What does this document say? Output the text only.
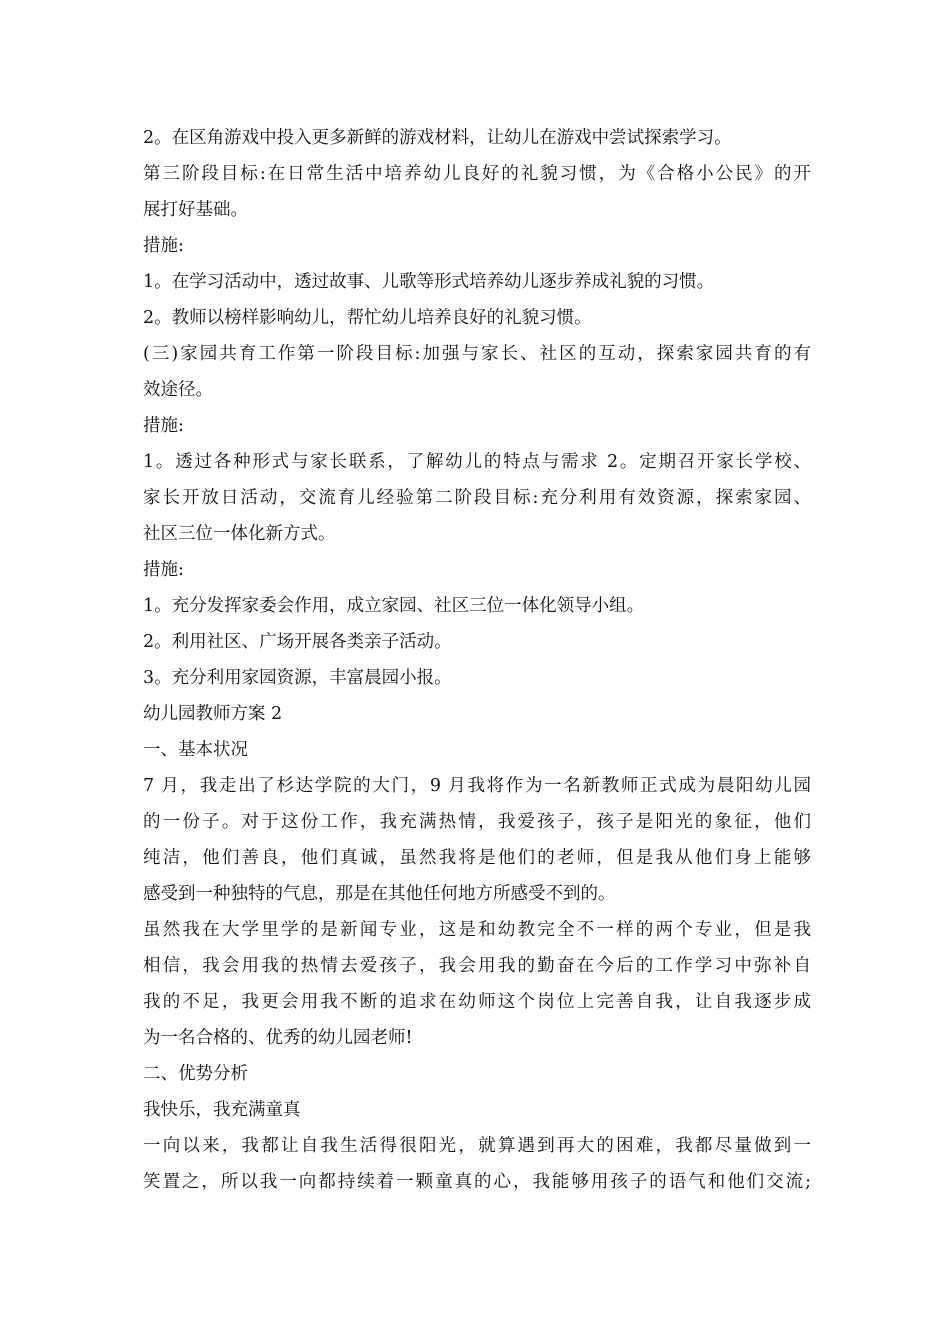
2。在区角游戏中投入更多新鲜的游戏材料，让幼儿在游戏中尝试探索学习。
第三阶段目标:在日常生活中培养幼儿良好的礼貌习惯，为《合格小公民》的开
展打好基础。
措施:
1。在学习活动中，透过故事、儿歌等形式培养幼儿逐步养成礼貌的习惯。
2。教师以榜样影响幼儿，帮忙幼儿培养良好的礼貌习惯。
(三)家园共育工作第一阶段目标:加强与家长、社区的互动，探索家园共育的有
效途径。
措施:
1。透过各种形式与家长联系，了解幼儿的特点与需求 2。定期召开家长学校、
家长开放日活动，交流育儿经验第二阶段目标:充分利用有效资源，探索家园、
社区三位一体化新方式。
措施:
1。充分发挥家委会作用，成立家园、社区三位一体化领导小组。
2。利用社区、广场开展各类亲子活动。
3。充分利用家园资源，丰富晨园小报。
幼儿园教师方案 2
一、基本状况
7 月，我走出了杉达学院的大门，9 月我将作为一名新教师正式成为晨阳幼儿园
的一份子。对于这份工作，我充满热情，我爱孩子，孩子是阳光的象征，他们
纯洁，他们善良，他们真诚，虽然我将是他们的老师，但是我从他们身上能够
感受到一种独特的气息，那是在其他任何地方所感受不到的。
虽然我在大学里学的是新闻专业，这是和幼教完全不一样的两个专业，但是我
相信，我会用我的热情去爱孩子，我会用我的勤奋在今后的工作学习中弥补自
我的不足，我更会用我不断的追求在幼师这个岗位上完善自我，让自我逐步成
为一名合格的、优秀的幼儿园老师!
二、优势分析
我快乐，我充满童真
一向以来，我都让自我生活得很阳光，就算遇到再大的困难，我都尽量做到一
笑置之，所以我一向都持续着一颗童真的心，我能够用孩子的语气和他们交流;
